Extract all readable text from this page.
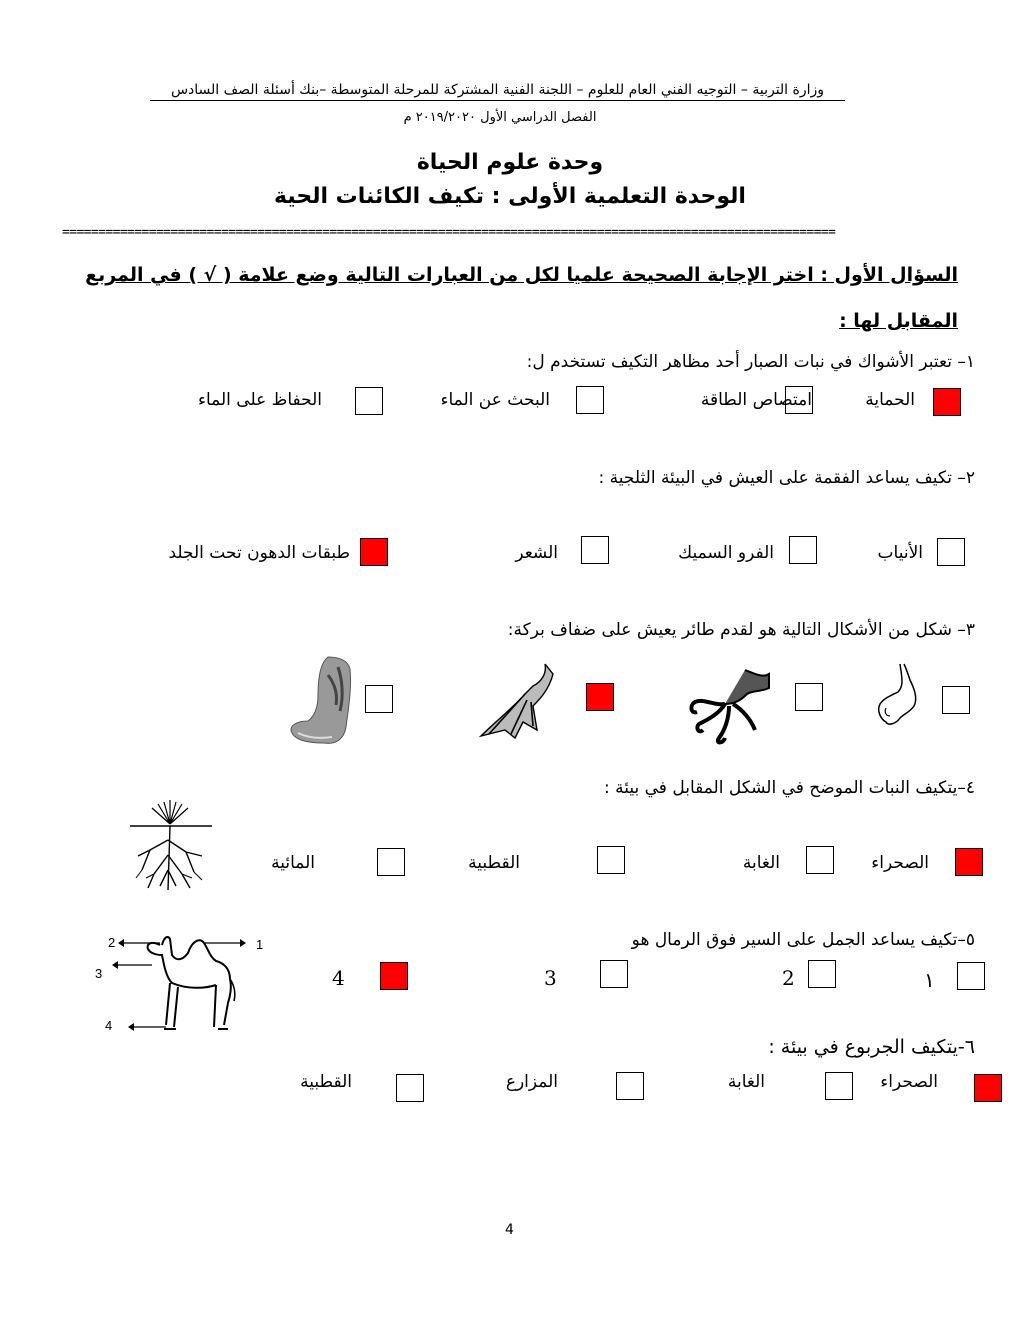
وزارة التربية – التوجيه الفني العام للعلوم – اللجنة الفنية المشتركة للمرحلة المتوسطة –بنك أسئلة الصف السادس
الفصل الدراسي الأول ٢٠١٩/٢٠٢٠ م
وحدة علوم الحياة
الوحدة التعلمية الأولى : تكيف الكائنات الحية
===========================================================================================================
السؤال الأول : اختر الإجابة الصحيحة علميا لكل من العبارات التالية وضع علامة ( √ ) في المربع
المقابل لها :
١– تعتبر الأشواك في نبات الصبار أحد مظاهر التكيف تستخدم ل:
الحماية
امتصاص الطاقة
البحث عن الماء
الحفاظ على الماء
٢– تكيف يساعد الفقمة على العيش في البيئة الثلجية :
الأنياب
الفرو السميك
الشعر
طبقات الدهون تحت الجلد
٣– شكل من الأشكال التالية هو لقدم طائر يعيش على ضفاف بركة:
٤–يتكيف النبات الموضح في الشكل المقابل في بيئة :
الصحراء
الغابة
القطبية
المائية
٥–تكيف يساعد الجمل على السير فوق الرمال هو
1
2
3
4
١
2
3
4
٦-يتكيف الجربوع في بيئة :
الصحراء
الغابة
المزارع
القطبية
4
